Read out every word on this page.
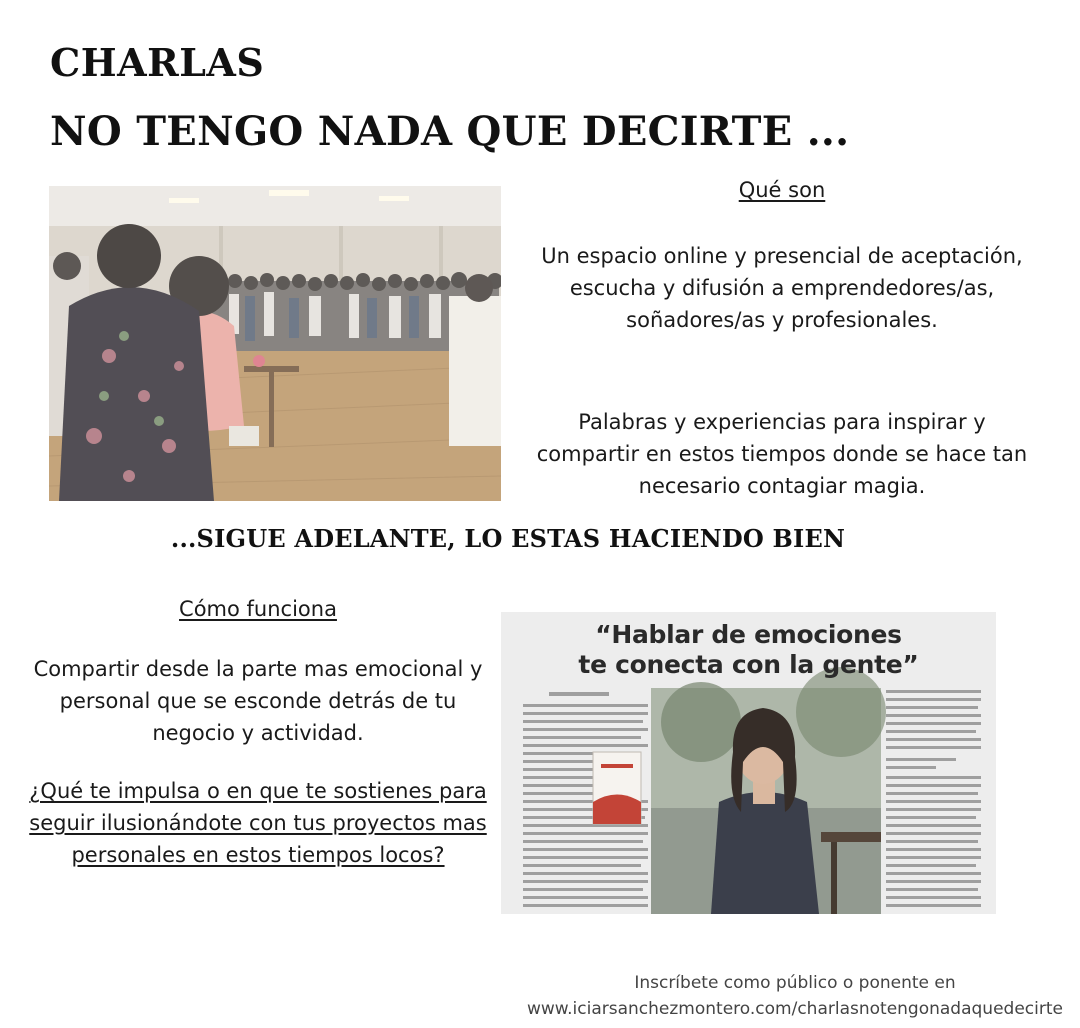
CHARLAS
NO TENGO NADA QUE DECIRTE ...
Qué son
Un espacio online y presencial de aceptación, escucha y difusión a emprendedores/as, soñadores/as y profesionales.
Palabras y experiencias para inspirar y compartir en estos tiempos donde se hace tan necesario contagiar magia.
...SIGUE ADELANTE, LO ESTAS HACIENDO BIEN
Cómo funciona
Compartir desde la parte mas emocional y personal que se esconde detrás de tu negocio y actividad.
¿Qué te impulsa o en que te sostienes para seguir ilusionándote con tus proyectos mas personales en estos tiempos locos?
“Hablar de emociones
te conecta con la gente”
Inscríbete como público o ponente en
www.iciarsanchezmontero.com/charlasnotengonadaquedecirte
